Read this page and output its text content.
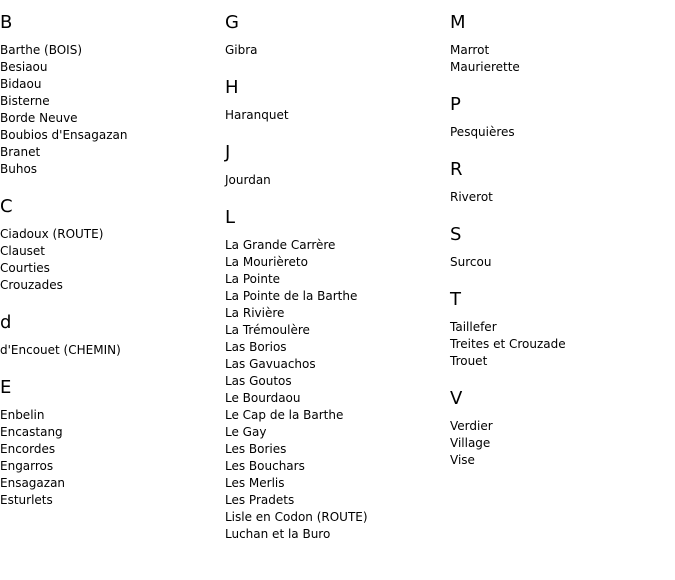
B
Barthe (BOIS)
Besiaou
Bidaou
Bisterne
Borde Neuve
Boubios d'Ensagazan
Branet
Buhos
C
Ciadoux (ROUTE)
Clauset
Courties
Crouzades
d
d'Encouet (CHEMIN)
E
Enbelin
Encastang
Encordes
Engarros
Ensagazan
Esturlets
G
Gibra
H
Haranquet
J
Jourdan
L
La Grande Carrère
La Mourièreto
La Pointe
La Pointe de la Barthe
La Rivière
La Trémoulère
Las Borios
Las Gavuachos
Las Goutos
Le Bourdaou
Le Cap de la Barthe
Le Gay
Les Bories
Les Bouchars
Les Merlis
Les Pradets
Lisle en Codon (ROUTE)
Luchan et la Buro
M
Marrot
Maurierette
P
Pesquières
R
Riverot
S
Surcou
T
Taillefer
Treites et Crouzade
Trouet
V
Verdier
Village
Vise
